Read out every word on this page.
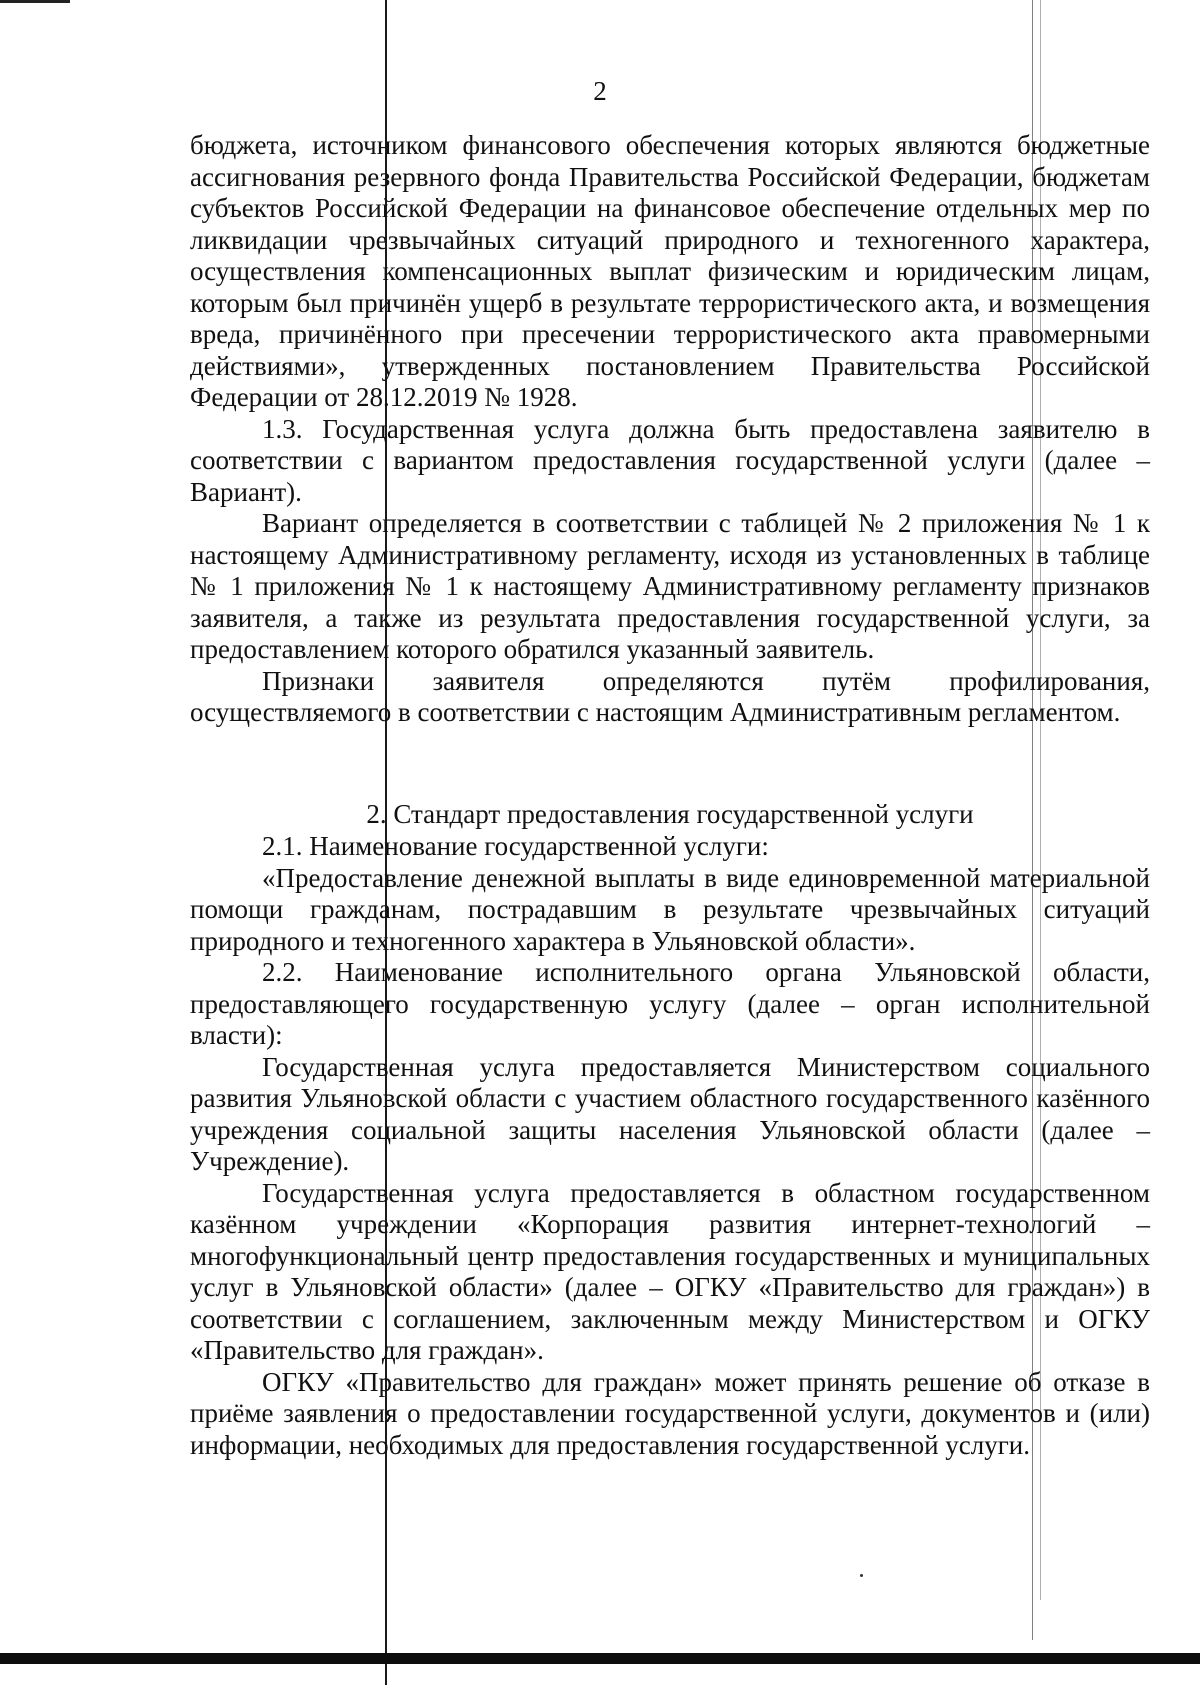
2

бюджета, источником финансового обеспечения которых являются бюджетные ассигнования резервного фонда Правительства Российской Федерации, бюджетам субъектов Российской Федерации на финансовое обеспечение отдельных мер по ликвидации чрезвычайных ситуаций природного и техногенного характера, осуществления компенсационных выплат физическим и юридическим лицам, которым был причинён ущерб в результате террористического акта, и возмещения вреда, причинённого при пресечении террористического акта правомерными действиями», утвержденных постановлением Правительства Российской Федерации от 28.12.2019 № 1928.

1.3. Государственная услуга должна быть предоставлена заявителю в соответствии с вариантом предоставления государственной услуги (далее – Вариант).

Вариант определяется в соответствии с таблицей № 2 приложения № 1 к настоящему Административному регламенту, исходя из установленных в таблице № 1 приложения № 1 к настоящему Административному регламенту признаков заявителя, а также из результата предоставления государственной услуги, за предоставлением которого обратился указанный заявитель.

Признаки заявителя определяются путём профилирования, осуществляемого в соответствии с настоящим Административным регламентом.

2. Стандарт предоставления государственной услуги

2.1. Наименование государственной услуги:

«Предоставление денежной выплаты в виде единовременной материальной помощи гражданам, пострадавшим в результате чрезвычайных ситуаций природного и техногенного характера в Ульяновской области».

2.2. Наименование исполнительного органа Ульяновской области, предоставляющего государственную услугу (далее – орган исполнительной власти):

Государственная услуга предоставляется Министерством социального развития Ульяновской области с участием областного государственного казённого учреждения социальной защиты населения Ульяновской области (далее – Учреждение).

Государственная услуга предоставляется в областном государственном казённом учреждении «Корпорация развития интернет-технологий – многофункциональный центр предоставления государственных и муниципальных услуг в Ульяновской области» (далее – ОГКУ «Правительство для граждан») в соответствии с соглашением, заключенным между Министерством и ОГКУ «Правительство для граждан».

ОГКУ «Правительство для граждан» может принять решение об отказе в приёме заявления о предоставлении государственной услуги, документов и (или) информации, необходимых для предоставления государственной услуги.
